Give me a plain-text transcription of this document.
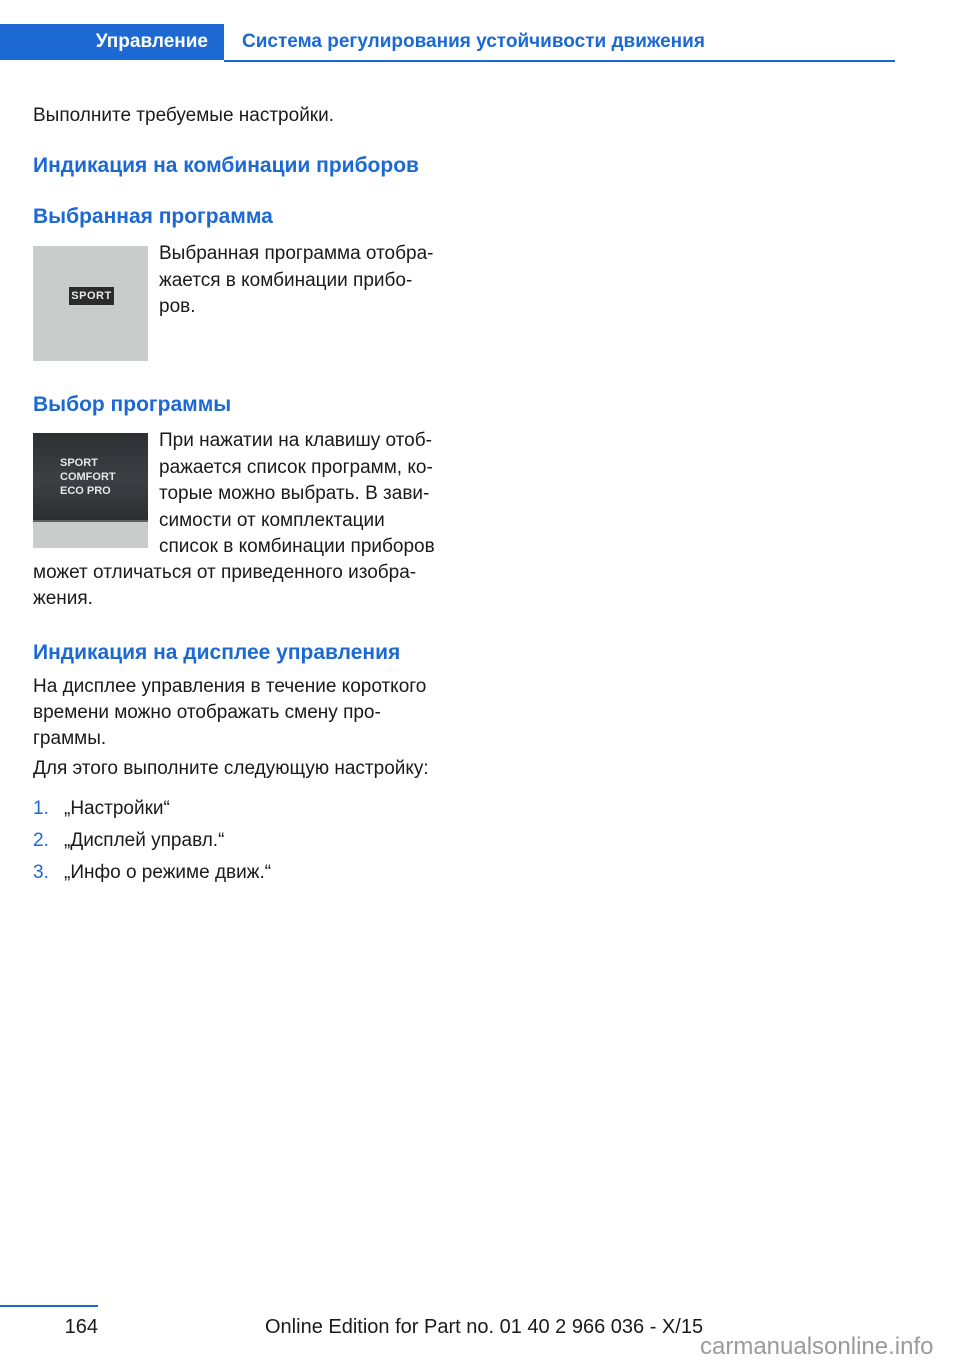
Управление	Система регулирования устойчивости движения

Выполните требуемые настройки.

Индикация на комбинации приборов
Выбранная программа
SPORT
Выбранная программа отобра‐
жается в комбинации прибо‐
ров.
Выбор программы
SPORT
COMFORT
ECO PRO
При нажатии на клавишу отоб‐
ражается список программ, ко‐
торые можно выбрать. В зави‐
симости от комплектации
список в комбинации приборов
может отличаться от приведенного изобра‐
жения.
Индикация на дисплее управления
На дисплее управления в течение короткого
времени можно отображать смену про‐
граммы.
Для этого выполните следующую настройку:
1. „Настройки“
2. „Дисплей управл.“
3. „Инфо о режиме движ.“
164	Online Edition for Part no. 01 40 2 966 036 - X/15
carmanualsonline.info
